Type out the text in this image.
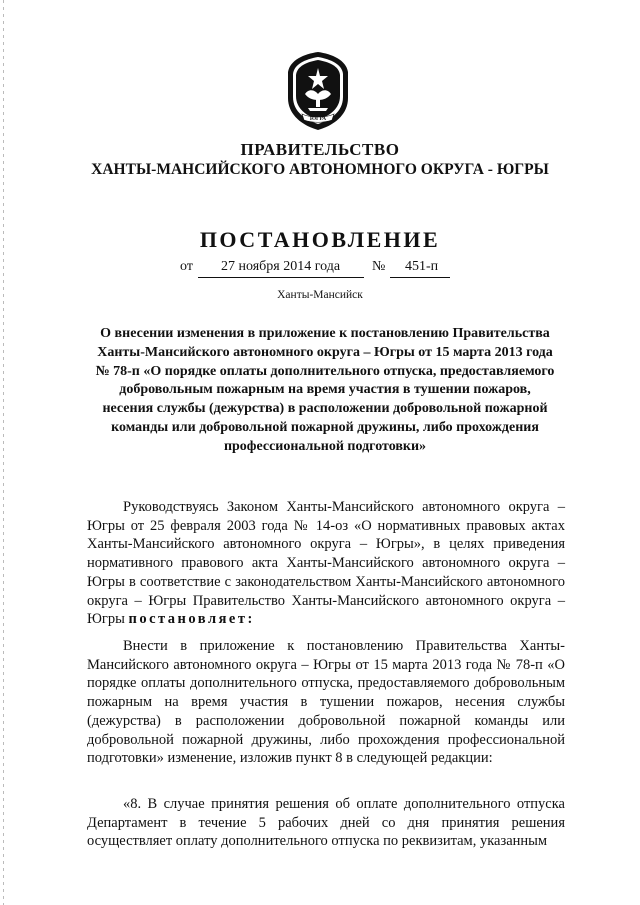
ЮГРА
ПРАВИТЕЛЬСТВО
ХАНТЫ-МАНСИЙСКОГО АВТОНОМНОГО ОКРУГА - ЮГРЫ
ПОСТАНОВЛЕНИЕ
от 27 ноября 2014 года № 451-п
Ханты-Мансийск
О внесении изменения в приложение к постановлению Правительства Ханты-Мансийского автономного округа – Югры от 15 марта 2013 года № 78-п «О порядке оплаты дополнительного отпуска, предоставляемого добровольным пожарным на время участия в тушении пожаров, несения службы (дежурства) в расположении добровольной пожарной команды или добровольной пожарной дружины, либо прохождения профессиональной подготовки»
Руководствуясь Законом Ханты-Мансийского автономного округа – Югры от 25 февраля 2003 года № 14-оз «О нормативных правовых актах Ханты-Мансийского автономного округа – Югры», в целях приведения нормативного правового акта Ханты-Мансийского автономного округа – Югры в соответствие с законодательством Ханты-Мансийского автономного округа – Югры Правительство Ханты-Мансийского автономного округа – Югры постановляет:
Внести в приложение к постановлению Правительства Ханты-Мансийского автономного округа – Югры от 15 марта 2013 года № 78-п «О порядке оплаты дополнительного отпуска, предоставляемого добровольным пожарным на время участия в тушении пожаров, несения службы (дежурства) в расположении добровольной пожарной команды или добровольной пожарной дружины, либо прохождения профессиональной подготовки» изменение, изложив пункт 8 в следующей редакции:
«8. В случае принятия решения об оплате дополнительного отпуска Департамент в течение 5 рабочих дней со дня принятия решения осуществляет оплату дополнительного отпуска по реквизитам, указанным
